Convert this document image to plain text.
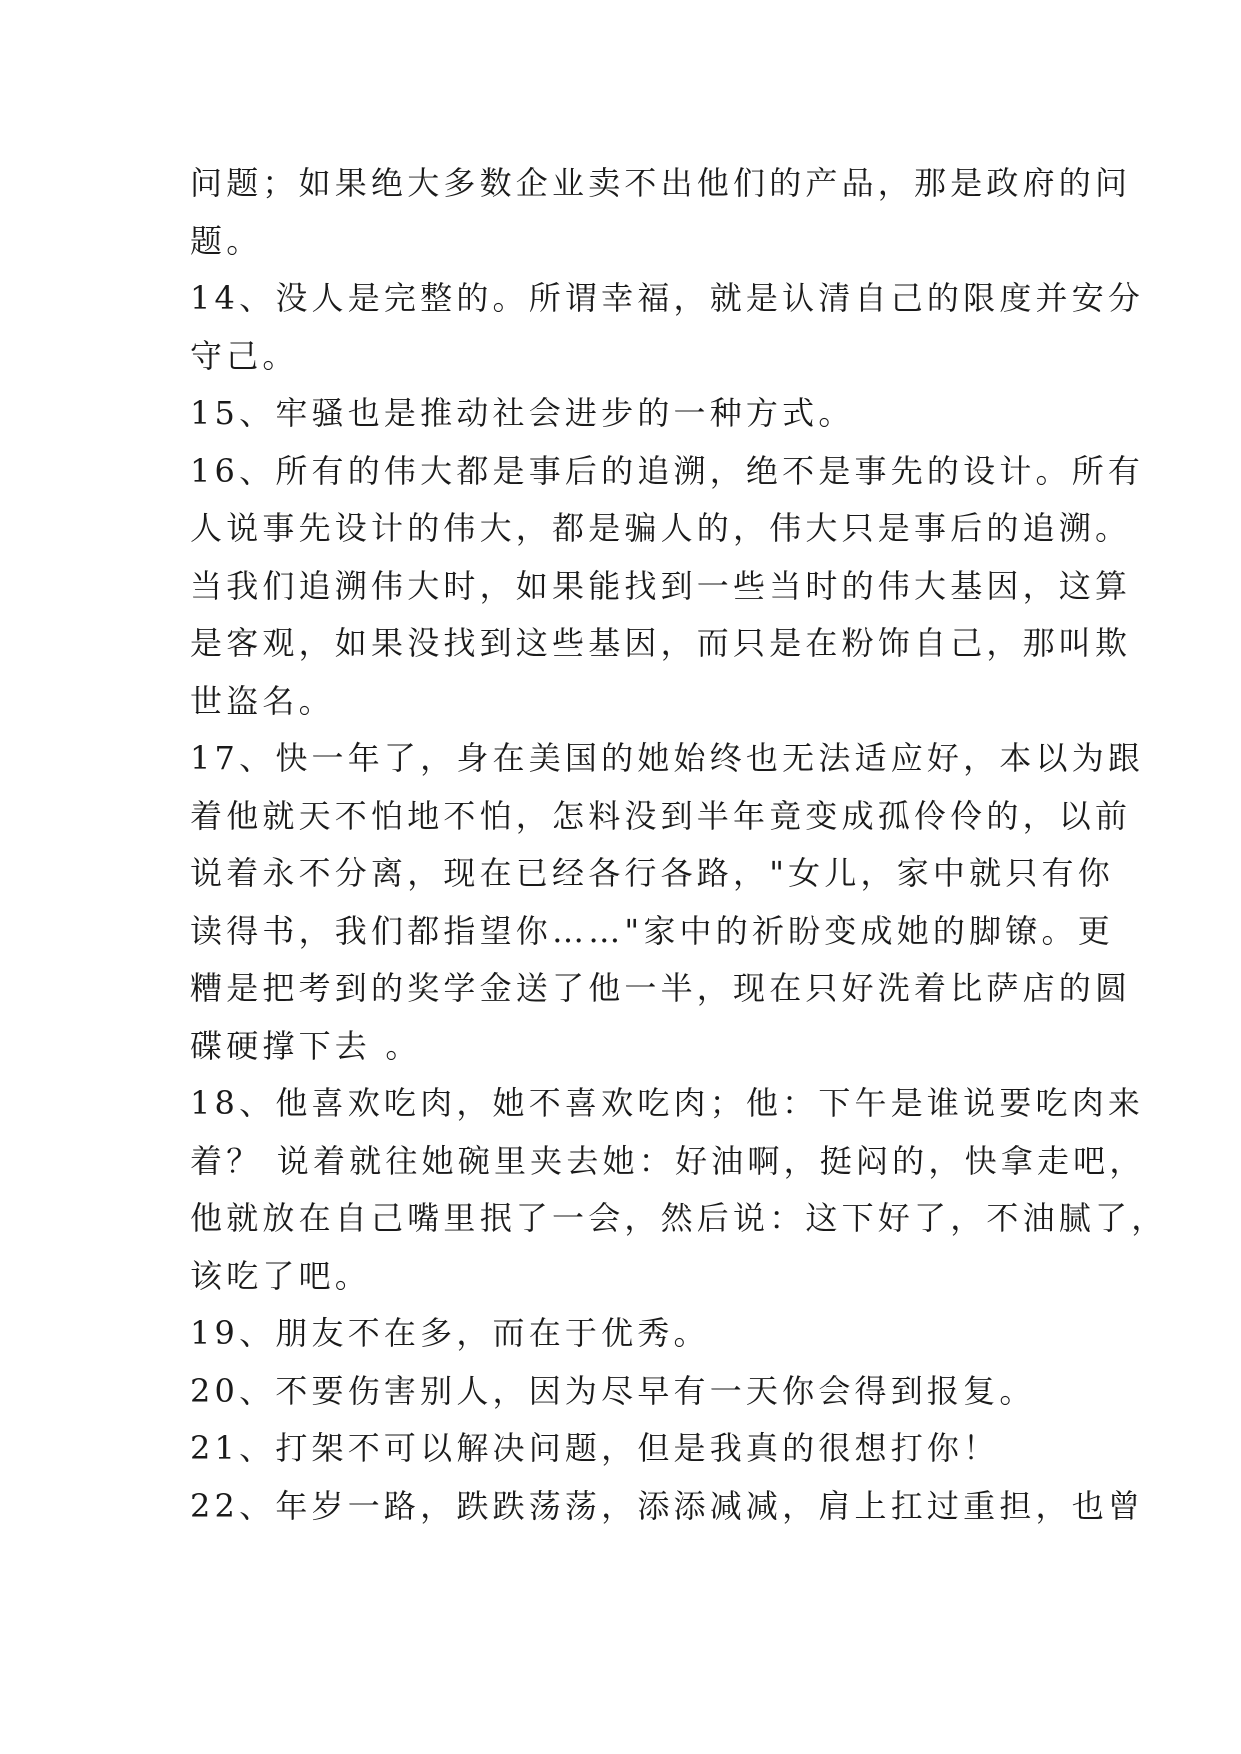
问题；如果绝大多数企业卖不出他们的产品，那是政府的问
题。
14、没人是完整的。所谓幸福，就是认清自己的限度并安分
守己。
15、牢骚也是推动社会进步的一种方式。
16、所有的伟大都是事后的追溯，绝不是事先的设计。所有
人说事先设计的伟大，都是骗人的，伟大只是事后的追溯。
当我们追溯伟大时，如果能找到一些当时的伟大基因，这算
是客观，如果没找到这些基因，而只是在粉饰自己，那叫欺
世盗名。
17、快一年了，身在美国的她始终也无法适应好，本以为跟
着他就天不怕地不怕，怎料没到半年竟变成孤伶伶的，以前
说着永不分离，现在已经各行各路，"女儿，家中就只有你
读得书，我们都指望你……"家中的祈盼变成她的脚镣。更
糟是把考到的奖学金送了他一半，现在只好洗着比萨店的圆
碟硬撑下去 。
18、他喜欢吃肉，她不喜欢吃肉；他：下午是谁说要吃肉来
着？ 说着就往她碗里夹去她：好油啊，挺闷的，快拿走吧，
他就放在自己嘴里抿了一会，然后说：这下好了，不油腻了，
该吃了吧。
19、朋友不在多，而在于优秀。
20、不要伤害别人，因为尽早有一天你会得到报复。
21、打架不可以解决问题，但是我真的很想打你！
22、年岁一路，跌跌荡荡，添添减减，肩上扛过重担，也曾
